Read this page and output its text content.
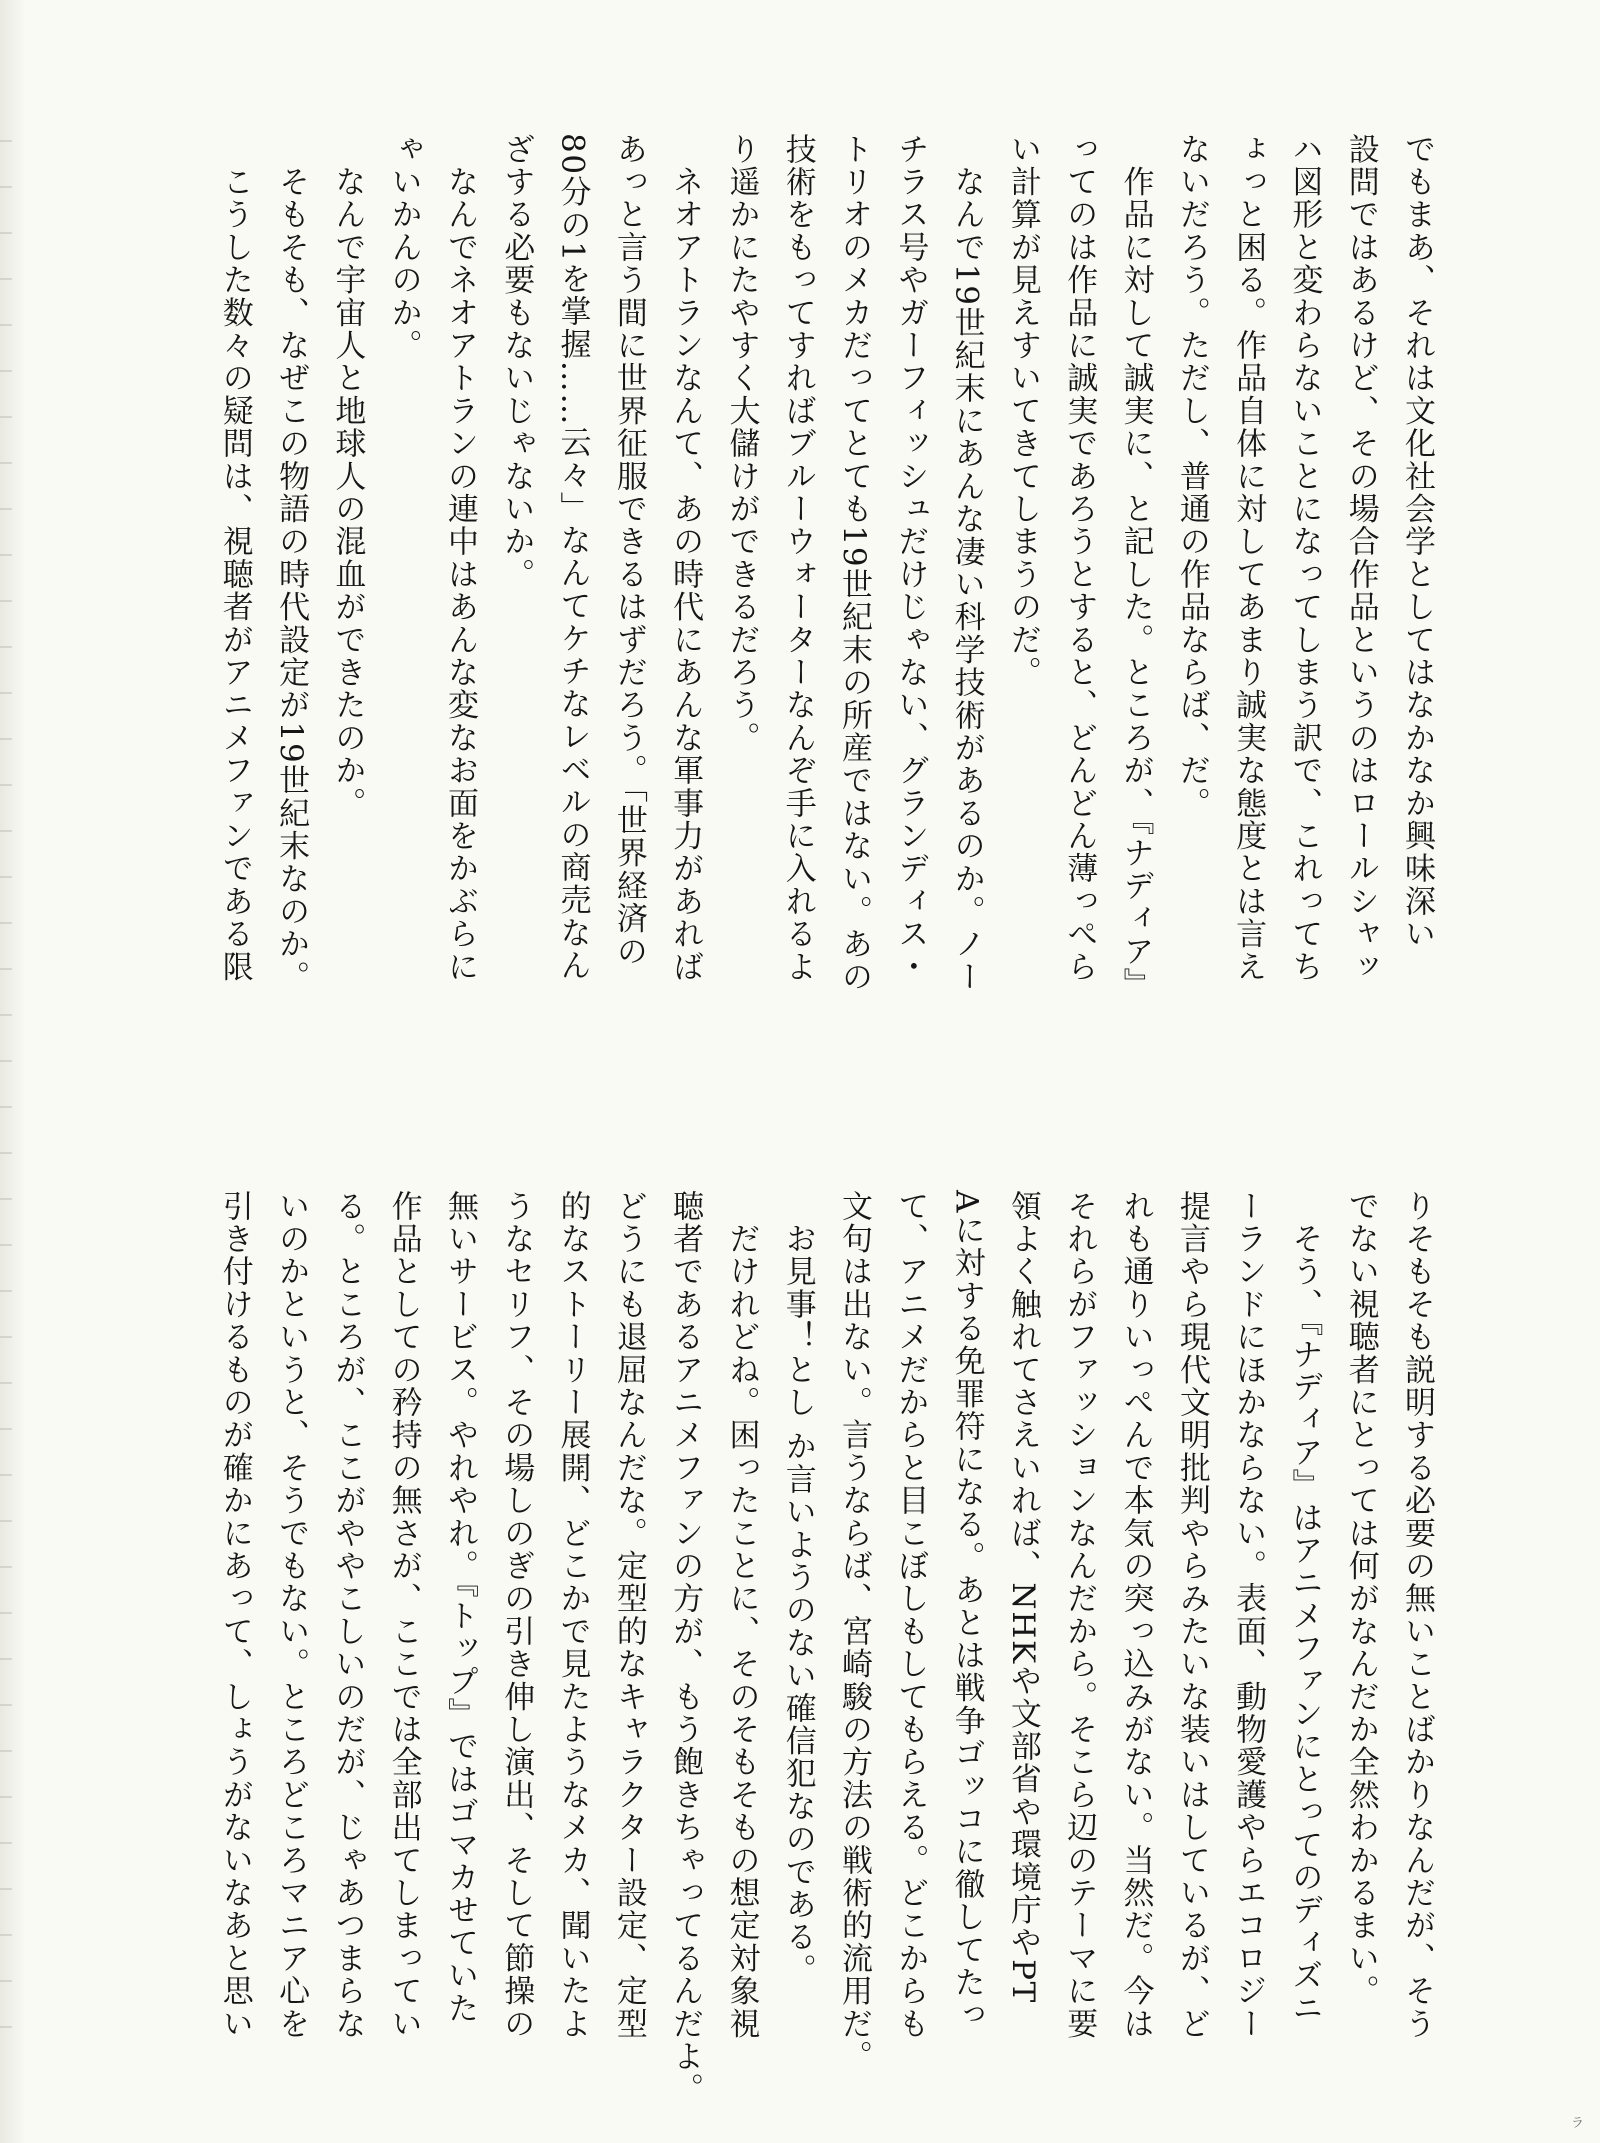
でもまあ、それは文化社会学としてはなかなか興味深い
設問ではあるけど、その場合作品というのはロールシャッ
ハ図形と変わらないことになってしまう訳で、これってち
ょっと困る。作品自体に対してあまり誠実な態度とは言え
ないだろう。ただし、普通の作品ならば、だ。
　作品に対して誠実に、と記した。ところが、『ナディア』
ってのは作品に誠実であろうとすると、どんどん薄っぺら
い計算が見えすいてきてしまうのだ。
　なんで19世紀末にあんな凄い科学技術があるのか。ノー
チラス号やガーフィッシュだけじゃない、グランディス・
トリオのメカだってとても19世紀末の所産ではない。あの
技術をもってすればブルーウォーターなんぞ手に入れるよ
り遥かにたやすく大儲けができるだろう。
　ネオアトランなんて、あの時代にあんな軍事力があれば
あっと言う間に世界征服できるはずだろう。「世界経済の
80分の1を掌握……云々」なんてケチなレベルの商売なん
ざする必要もないじゃないか。
　なんでネオアトランの連中はあんな変なお面をかぶらに
ゃいかんのか。
　なんで宇宙人と地球人の混血ができたのか。
　そもそも、なぜこの物語の時代設定が19世紀末なのか。
　こうした数々の疑問は、視聴者がアニメファンである限
りそもそも説明する必要の無いことばかりなんだが、そう
でない視聴者にとっては何がなんだか全然わかるまい。
　そう、『ナディア』はアニメファンにとってのディズニ
ーランドにほかならない。表面、動物愛護やらエコロジー
提言やら現代文明批判やらみたいな装いはしているが、ど
れも通りいっぺんで本気の突っ込みがない。当然だ。今は
それらがファッションなんだから。そこら辺のテーマに要
領よく触れてさえいれば、NHKや文部省や環境庁やPT
Aに対する免罪符になる。あとは戦争ゴッコに徹してたっ
て、アニメだからと目こぼしもしてもらえる。どこからも
文句は出ない。言うならば、宮崎駿の方法の戦術的流用だ。
　お見事！とし か言いようのない確信犯なのである。
　だけれどね。困ったことに、そのそもそもの想定対象視
聴者であるアニメファンの方が、もう飽きちゃってるんだよ。
どうにも退屈なんだな。定型的なキャラクター設定、定型
的なストーリー展開、どこかで見たようなメカ、聞いたよ
うなセリフ、その場しのぎの引き伸し演出、そして節操の
無いサービス。やれやれ。『トップ』ではゴマカせていた
作品としての矜持の無さが、ここでは全部出てしまってい
る。ところが、ここがややこしいのだが、じゃあつまらな
いのかというと、そうでもない。ところどころマニア心を
引き付けるものが確かにあって、しょうがないなあと思い
ラ
